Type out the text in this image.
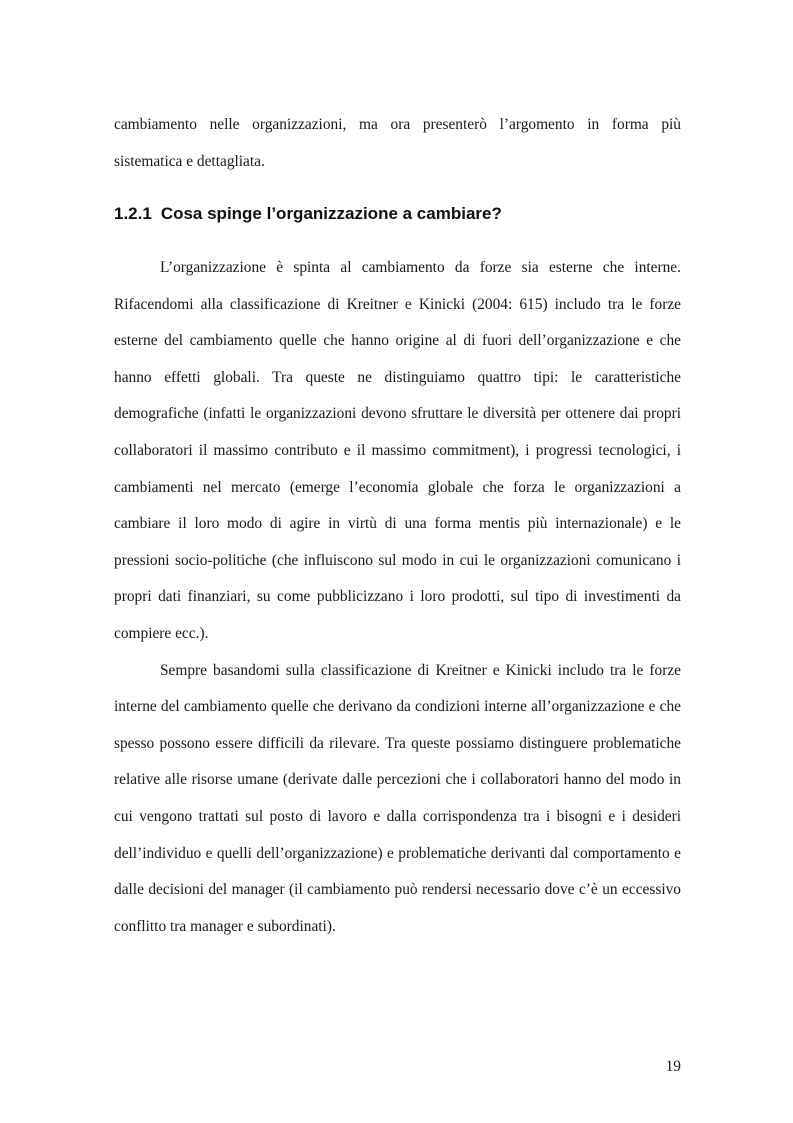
cambiamento nelle organizzazioni, ma ora presenterò l’argomento in forma più

sistematica e dettagliata.

1.2.1 Cosa spinge l’organizzazione a cambiare?

L’organizzazione è spinta al cambiamento da forze sia esterne che interne. Rifacendomi alla classificazione di Kreitner e Kinicki (2004: 615) includo tra le forze esterne del cambiamento quelle che hanno origine al di fuori dell’organizzazione e che hanno effetti globali. Tra queste ne distinguiamo quattro tipi: le caratteristiche demografiche (infatti le organizzazioni devono sfruttare le diversità per ottenere dai propri collaboratori il massimo contributo e il massimo commitment), i progressi tecnologici, i cambiamenti nel mercato (emerge l’economia globale che forza le organizzazioni a cambiare il loro modo di agire in virtù di una forma mentis più internazionale) e le pressioni socio-politiche (che influiscono sul modo in cui le organizzazioni comunicano i propri dati finanziari, su come pubblicizzano i loro prodotti, sul tipo di investimenti da compiere ecc.).

Sempre basandomi sulla classificazione di Kreitner e Kinicki includo tra le forze interne del cambiamento quelle che derivano da condizioni interne all’organizzazione e che spesso possono essere difficili da rilevare. Tra queste possiamo distinguere problematiche relative alle risorse umane (derivate dalle percezioni che i collaboratori hanno del modo in cui vengono trattati sul posto di lavoro e dalla corrispondenza tra i bisogni e i desideri dell’individuo e quelli dell’organizzazione) e problematiche derivanti dal comportamento e dalle decisioni del manager (il cambiamento può rendersi necessario dove c’è un eccessivo conflitto tra manager e subordinati).

19
